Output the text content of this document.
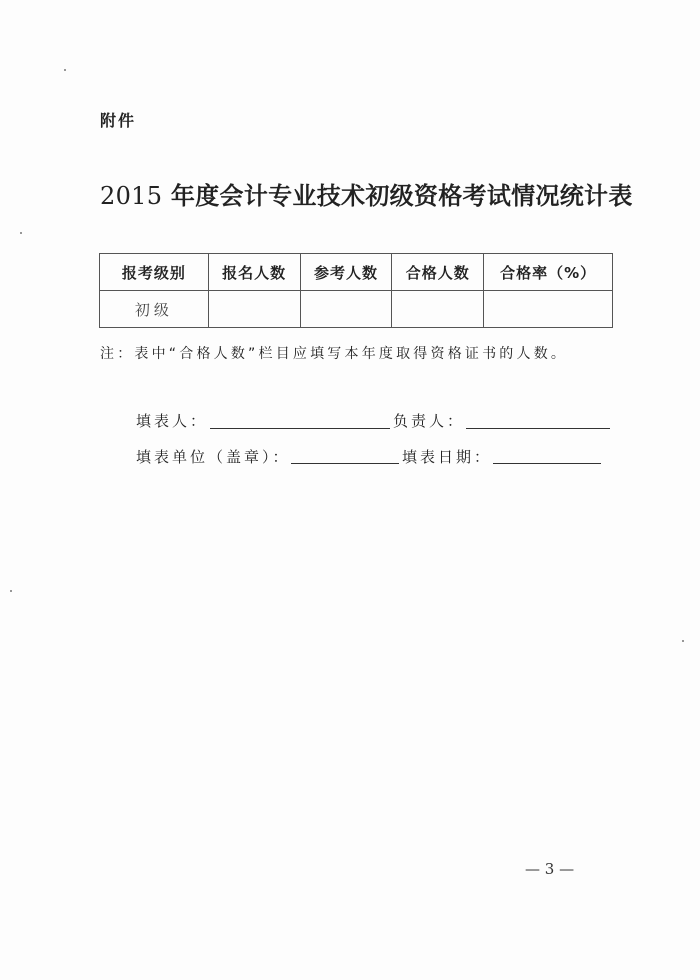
附件
2015 年度会计专业技术初级资格考试情况统计表
报考级别	报名人数	参考人数	合格人数	合格率（%）
初级				
注：表中“合格人数”栏目应填写本年度取得资格证书的人数。
填表人：	负责人：
填表单位（盖章）：	填表日期：
— 3 —
